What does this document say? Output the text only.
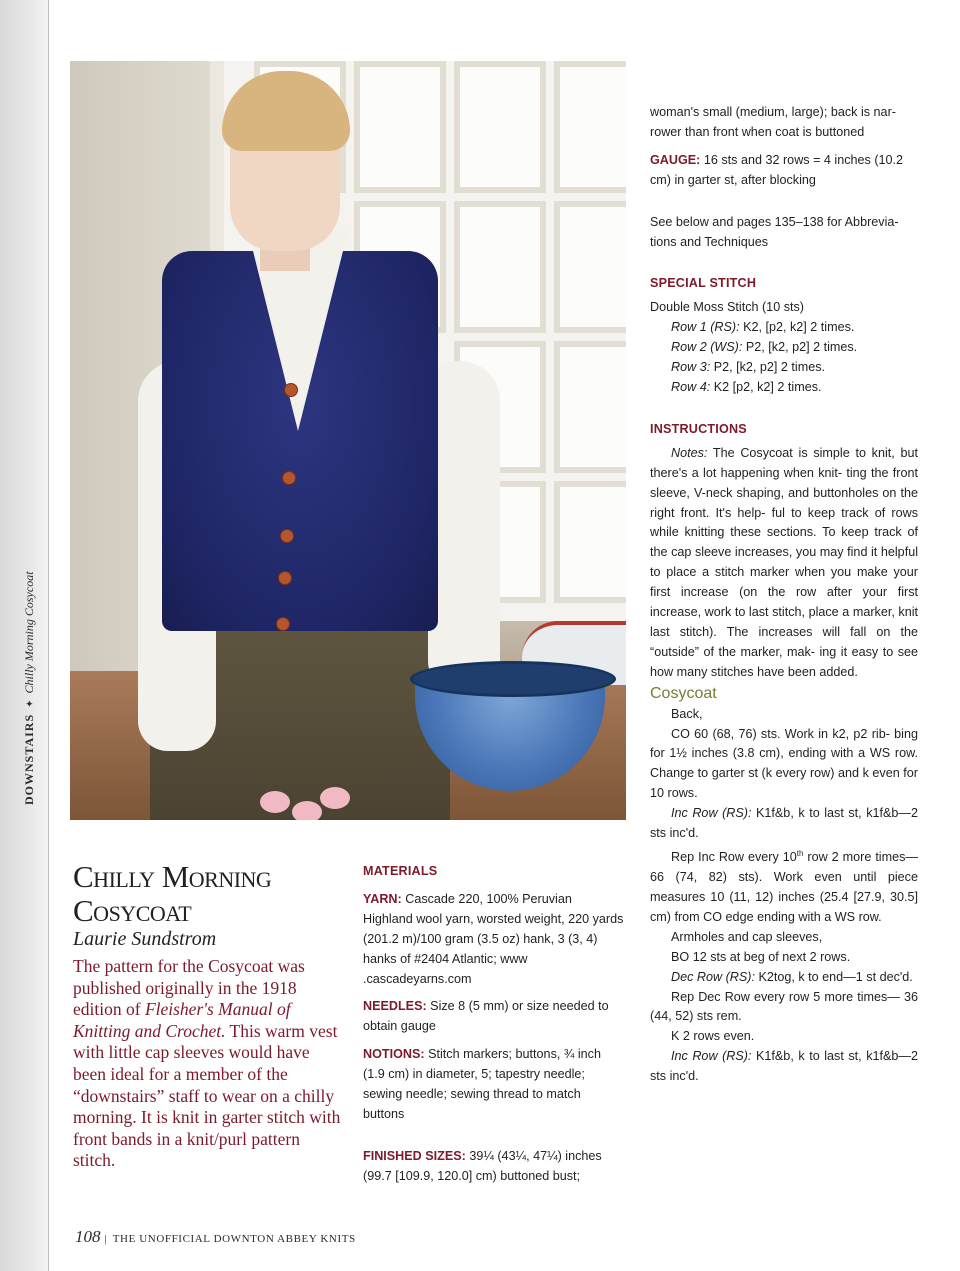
DOWNSTAIRS✦Chilly Morning Cosycoat
Chilly Morning
Cosycoat
Laurie Sundstrom
The pattern for the Cosycoat was published originally in the 1918 edition of Fleisher's Manual of Knitting and Crochet. This warm vest with little cap sleeves would have been ideal for a member of the “downstairs” staff to wear on a chilly morning. It is knit in garter stitch with front bands in a knit/purl pattern stitch.
MATERIALS
YARN: Cascade 220, 100% Peruvian Highland wool yarn, worsted weight, 220 yards (201.2 m)/100 gram (3.5 oz) hank, 3 (3, 4) hanks of #2404 Atlantic; www .cascadeyarns.com
NEEDLES: Size 8 (5 mm) or size needed to obtain gauge
NOTIONS: Stitch markers; buttons, ¾ inch (1.9 cm) in diameter, 5; tapestry needle; sewing needle; sewing thread to match buttons
FINISHED SIZES: 39¼ (43¼, 47¼) inches (99.7 [109.9, 120.0] cm) buttoned bust;
woman's small (medium, large); back is nar- rower than front when coat is buttoned
GAUGE: 16 sts and 32 rows = 4 inches (10.2 cm) in garter st, after blocking
See below and pages 135–138 for Abbrevia- tions and Techniques
SPECIAL STITCH
Double Moss Stitch (10 sts)
Row 1 (RS): K2, [p2, k2] 2 times.
Row 2 (WS): P2, [k2, p2] 2 times.
Row 3: P2, [k2, p2] 2 times.
Row 4: K2 [p2, k2] 2 times.
INSTRUCTIONS
Notes: The Cosycoat is simple to knit, but there's a lot happening when knit- ting the front sleeve, V-neck shaping, and buttonholes on the right front. It's help- ful to keep track of rows while knitting these sections. To keep track of the cap sleeve increases, you may find it helpful to place a stitch marker when you make your first increase (on the row after your first increase, work to last stitch, place a marker, knit last stitch). The increases will fall on the “outside” of the marker, mak- ing it easy to see how many stitches have been added.
Cosycoat
Back,
CO 60 (68, 76) sts. Work in k2, p2 rib- bing for 1½ inches (3.8 cm), ending with a WS row. Change to garter st (k every row) and k even for 10 rows.
Inc Row (RS): K1f&b, k to last st, k1f&b—2 sts inc'd.
Rep Inc Row every 10th row 2 more times—66 (74, 82) sts). Work even until piece measures 10 (11, 12) inches (25.4 [27.9, 30.5] cm) from CO edge ending with a WS row.
Armholes and cap sleeves,
BO 12 sts at beg of next 2 rows.
Dec Row (RS): K2tog, k to end—1 st dec'd.
Rep Dec Row every row 5 more times— 36 (44, 52) sts rem.
K 2 rows even.
Inc Row (RS): K1f&b, k to last st, k1f&b—2 sts inc'd.
108 | THE UNOFFICIAL DOWNTON ABBEY KNITS
